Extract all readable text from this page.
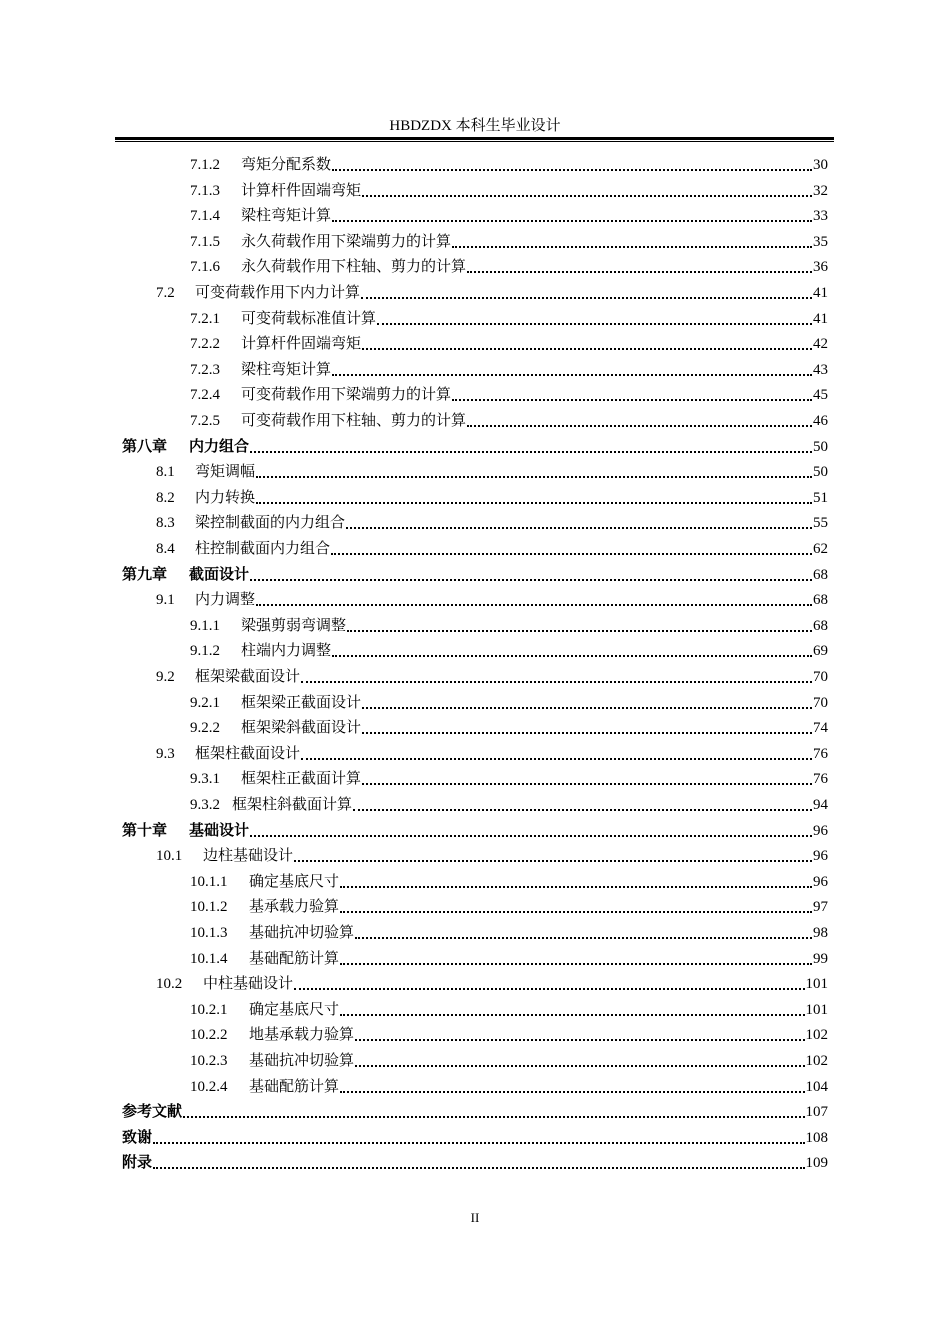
HBDZDX 本科生毕业设计
7.1.2	弯矩分配系数	30
7.1.3	计算杆件固端弯矩	32
7.1.4	梁柱弯矩计算	33
7.1.5	永久荷载作用下梁端剪力的计算	35
7.1.6	永久荷载作用下柱轴、剪力的计算	36
7.2	可变荷载作用下内力计算	41
7.2.1	可变荷载标准值计算	41
7.2.2	计算杆件固端弯矩	42
7.2.3	梁柱弯矩计算	43
7.2.4	可变荷载作用下梁端剪力的计算	45
7.2.5	可变荷载作用下柱轴、剪力的计算	46
第八章	内力组合	50
8.1	弯矩调幅	50
8.2	内力转换	51
8.3	梁控制截面的内力组合	55
8.4	柱控制截面内力组合	62
第九章	截面设计	68
9.1	内力调整	68
9.1.1	梁强剪弱弯调整	68
9.1.2	柱端内力调整	69
9.2	框架梁截面设计	70
9.2.1	框架梁正截面设计	70
9.2.2	框架梁斜截面设计	74
9.3	框架柱截面设计	76
9.3.1	框架柱正截面计算	76
9.3.2 框架柱斜截面计算	94
第十章	基础设计	96
10.1	边柱基础设计	96
10.1.1	确定基底尺寸	96
10.1.2	基承载力验算	97
10.1.3	基础抗冲切验算	98
10.1.4	基础配筋计算	99
10.2	中柱基础设计	101
10.2.1	确定基底尺寸	101
10.2.2	地基承载力验算	102
10.2.3	基础抗冲切验算	102
10.2.4	基础配筋计算	104
参考文献	107
致谢	108
附录	109
II
